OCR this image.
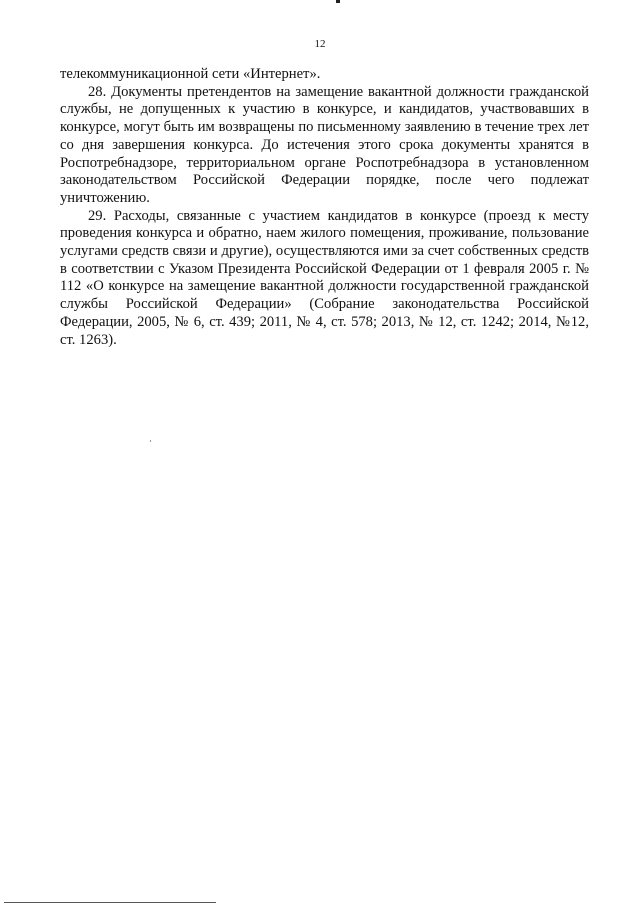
12

телекоммуникационной сети «Интернет».

28. Документы претендентов на замещение вакантной должности гражданской службы, не допущенных к участию в конкурсе, и кандидатов, участвовавших в конкурсе, могут быть им возвращены по письменному заявлению в течение трех лет со дня завершения конкурса. До истечения этого срока документы хранятся в Роспотребнадзоре, территориальном органе Роспотребнадзора в установленном законодательством Российской Федерации порядке, после чего подлежат уничтожению.

29. Расходы, связанные с участием кандидатов в конкурсе (проезд к месту проведения конкурса и обратно, наем жилого помещения, проживание, пользование услугами средств связи и другие), осуществляются ими за счет собственных средств в соответствии с Указом Президента Российской Федерации от 1 февраля 2005 г. № 112 «О конкурсе на замещение вакантной должности государственной гражданской службы Российской Федерации» (Собрание законодательства Российской Федерации, 2005, № 6, ст. 439; 2011, № 4, ст. 578; 2013, № 12, ст. 1242; 2014, №12, ст. 1263).
